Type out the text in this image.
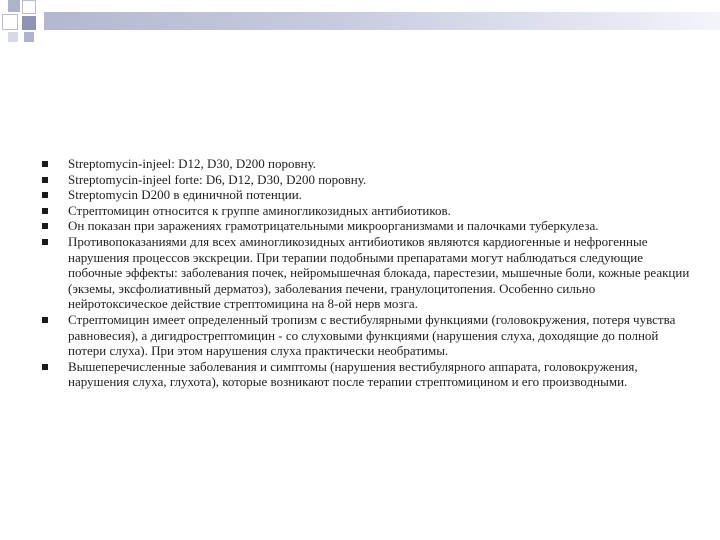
Streptomycin-injeel: D12, D30, D200 поровну.
Streptomycin-injeel forte: D6, D12, D30, D200 поровну.
Streptomycin D200 в единичной потенции.
Стрептомицин относится к группе аминогликозидных антибиотиков.
Он показан при заражениях грамотрицательными микроорганизмами и палочками туберкулеза.
Противопоказаниями для всех аминогликозидных антибиотиков являются кардиогенные и нефрогенные нарушения процессов экскреции. При терапии подобными препаратами могут наблюдаться следующие побочные эффекты: заболевания почек, нейромышечная блокада, парестезии, мышечные боли, кожные реакции (экземы, эксфолиативный дерматоз), заболевания печени, гранулоцитопения. Особенно сильно нейротоксическое действие стрептомицина на 8-ой нерв мозга.
Стрептомицин имеет определенный тропизм с вестибулярными функциями (головокружения, потеря чувства равновесия), а дигидрострептомицин - со слуховыми функциями (нарушения слуха, доходящие до полной потери слуха). При этом нарушения слуха практически необратимы.
Вышеперечисленные заболевания и симптомы (нарушения вестибулярного аппарата, головокружения, нарушения слуха, глухота), которые возникают после терапии стрептомицином и его производными.
